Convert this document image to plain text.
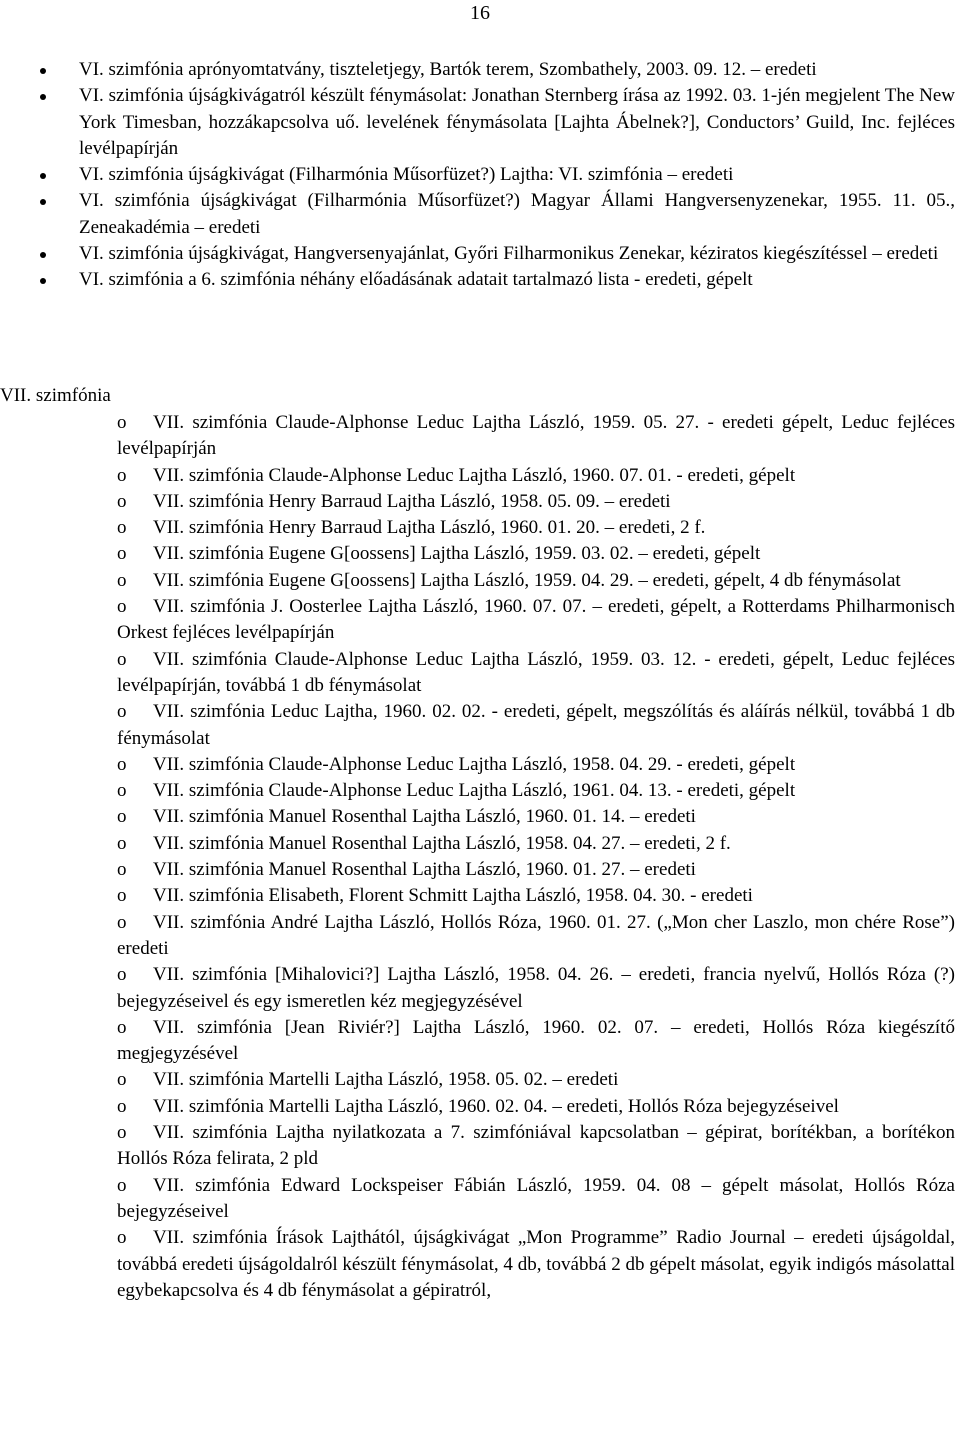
16
VI. szimfónia aprónyomtatvány, tiszteletjegy, Bartók terem, Szombathely, 2003. 09. 12. – eredeti
VI. szimfónia újságkivágatról készült fénymásolat: Jonathan Sternberg írása az 1992. 03. 1-jén megjelent The New York Timesban, hozzákapcsolva uő. levelének fénymásolata [Lajhta Ábelnek?], Conductors’ Guild, Inc. fejléces levélpapírján
VI. szimfónia újságkivágat (Filharmónia Műsorfüzet?) Lajtha: VI. szimfónia – eredeti
VI. szimfónia újságkivágat (Filharmónia Műsorfüzet?) Magyar Állami Hangversenyzenekar, 1955. 11. 05., Zeneakadémia – eredeti
VI. szimfónia újságkivágat, Hangversenyajánlat, Győri Filharmonikus Zenekar, kéziratos kiegészítéssel – eredeti
VI. szimfónia a 6. szimfónia néhány előadásának adatait tartalmazó lista - eredeti, gépelt
VII. szimfónia
o VII. szimfónia Claude-Alphonse Leduc Lajtha László, 1959. 05. 27. - eredeti gépelt, Leduc fejléces levélpapírján
o VII. szimfónia Claude-Alphonse Leduc Lajtha László, 1960. 07. 01. - eredeti, gépelt
o VII. szimfónia Henry Barraud Lajtha László, 1958. 05. 09. – eredeti
o VII. szimfónia Henry Barraud Lajtha László, 1960. 01. 20. – eredeti, 2 f.
o VII. szimfónia Eugene G[oossens] Lajtha László, 1959. 03. 02. – eredeti, gépelt
o VII. szimfónia Eugene G[oossens] Lajtha László, 1959. 04. 29. – eredeti, gépelt, 4 db fénymásolat
o VII. szimfónia J. Oosterlee Lajtha László, 1960. 07. 07. – eredeti, gépelt, a Rotterdams Philharmonisch Orkest fejléces levélpapírján
o VII. szimfónia Claude-Alphonse Leduc Lajtha László, 1959. 03. 12. - eredeti, gépelt, Leduc fejléces levélpapírján, továbbá 1 db fénymásolat
o VII. szimfónia Leduc Lajtha, 1960. 02. 02. - eredeti, gépelt, megszólítás és aláírás nélkül, továbbá 1 db fénymásolat
o VII. szimfónia Claude-Alphonse Leduc Lajtha László, 1958. 04. 29. - eredeti, gépelt
o VII. szimfónia Claude-Alphonse Leduc Lajtha László, 1961. 04. 13. - eredeti, gépelt
o VII. szimfónia Manuel Rosenthal Lajtha László, 1960. 01. 14. – eredeti
o VII. szimfónia Manuel Rosenthal Lajtha László, 1958. 04. 27. – eredeti, 2 f.
o VII. szimfónia Manuel Rosenthal Lajtha László, 1960. 01. 27. – eredeti
o VII. szimfónia Elisabeth, Florent Schmitt Lajtha László, 1958. 04. 30. - eredeti
o VII. szimfónia André Lajtha László, Hollós Róza, 1960. 01. 27. („Mon cher Laszlo, mon chére Rose”) eredeti
o VII. szimfónia [Mihalovici?] Lajtha László, 1958. 04. 26. – eredeti, francia nyelvű, Hollós Róza (?) bejegyzéseivel és egy ismeretlen kéz megjegyzésével
o VII. szimfónia [Jean Riviér?] Lajtha László, 1960. 02. 07. – eredeti, Hollós Róza kiegészítő megjegyzésével
o VII. szimfónia Martelli Lajtha László, 1958. 05. 02. – eredeti
o VII. szimfónia Martelli Lajtha László, 1960. 02. 04. – eredeti, Hollós Róza bejegyzéseivel
o VII. szimfónia Lajtha nyilatkozata a 7. szimfóniával kapcsolatban – gépirat, borítékban, a borítékon Hollós Róza felirata, 2 pld
o VII. szimfónia Edward Lockspeiser Fábián László, 1959. 04. 08 – gépelt másolat, Hollós Róza bejegyzéseivel
o VII. szimfónia Írások Lajthától, újságkivágat „Mon Programme” Radio Journal – eredeti újságoldal, továbbá eredeti újságoldalról készült fénymásolat, 4 db, továbbá 2 db gépelt másolat, egyik indigós másolattal egybekapcsolva és 4 db fénymásolat a gépiratról,
